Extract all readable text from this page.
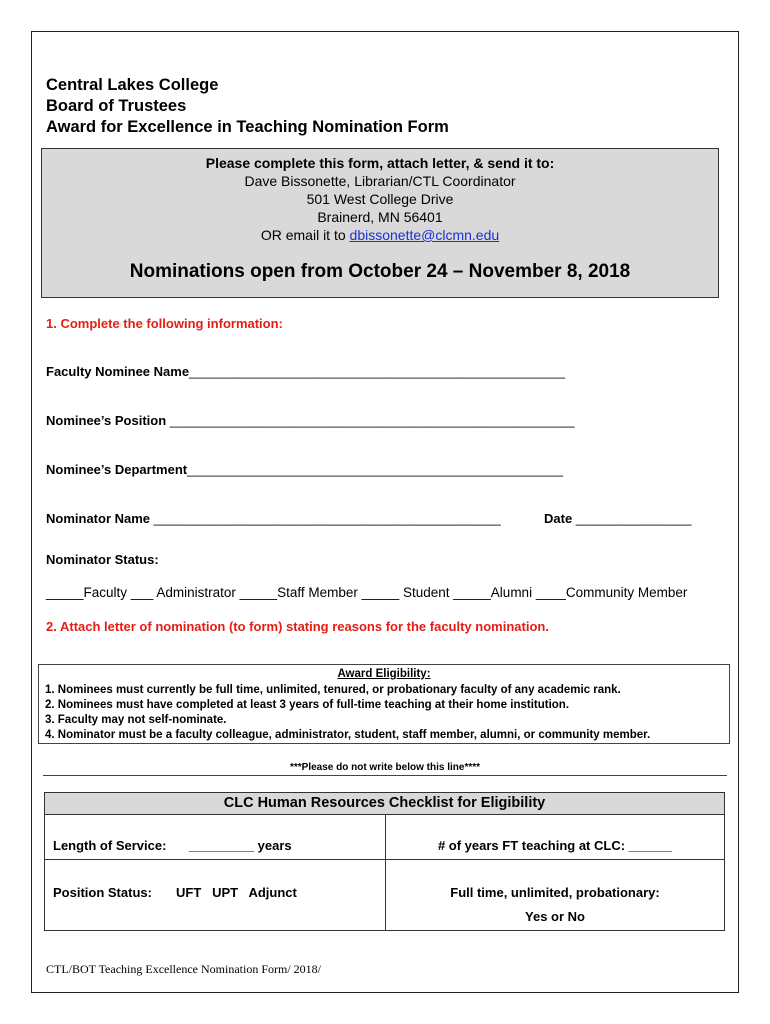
Central Lakes College
Board of Trustees
Award for Excellence in Teaching Nomination Form
Please complete this form, attach letter, & send it to:
Dave Bissonette, Librarian/CTL Coordinator
501 West College Drive
Brainerd, MN 56401
OR email it to dbissonette@clcmn.edu
Nominations open from October 24 – November 8, 2018
1. Complete the following information:
Faculty Nominee Name____________________________________________________
Nominee’s Position ________________________________________________________
Nominee’s Department____________________________________________________
Nominator Name ________________________________________________	Date ________________
Nominator Status:
_____Faculty ___ Administrator _____Staff Member _____ Student _____Alumni ____Community Member
2. Attach letter of nomination (to form) stating reasons for the faculty nomination.
Award Eligibility:
1. Nominees must currently be full time, unlimited, tenured, or probationary faculty of any academic rank.
2. Nominees must have completed at least 3 years of full-time teaching at their home institution.
3. Faculty may not self-nominate.
4. Nominator must be a faculty colleague, administrator, student, staff member, alumni, or community member.
***Please do not write below this line****
CLC Human Resources Checklist for Eligibility
Length of Service: _________ years	# of years FT teaching at CLC: ______
Position Status: UFT   UPT   Adjunct	Full time, unlimited, probationary:
Yes or No
CTL/BOT Teaching Excellence Nomination Form/ 2018/
